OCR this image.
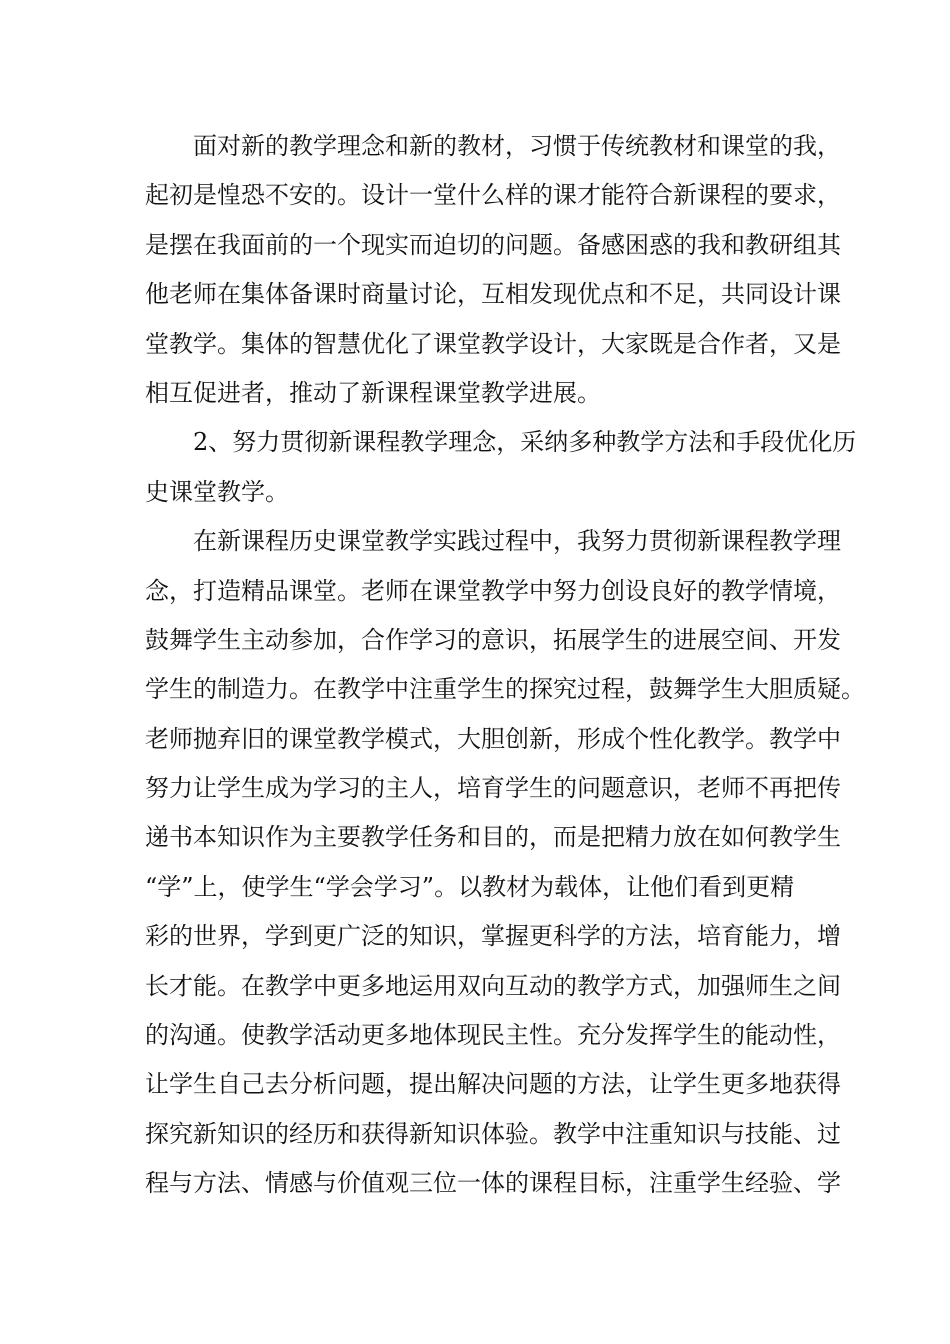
面对新的教学理念和新的教材，习惯于传统教材和课堂的我，
起初是惶恐不安的。设计一堂什么样的课才能符合新课程的要求，
是摆在我面前的一个现实而迫切的问题。备感困惑的我和教研组其
他老师在集体备课时商量讨论，互相发现优点和不足，共同设计课
堂教学。集体的智慧优化了课堂教学设计，大家既是合作者，又是
相互促进者，推动了新课程课堂教学进展。
2、努力贯彻新课程教学理念，采纳多种教学方法和手段优化历
史课堂教学。
在新课程历史课堂教学实践过程中，我努力贯彻新课程教学理
念，打造精品课堂。老师在课堂教学中努力创设良好的教学情境，
鼓舞学生主动参加，合作学习的意识，拓展学生的进展空间、开发
学生的制造力。在教学中注重学生的探究过程，鼓舞学生大胆质疑。
老师抛弃旧的课堂教学模式，大胆创新，形成个性化教学。教学中
努力让学生成为学习的主人，培育学生的问题意识，老师不再把传
递书本知识作为主要教学任务和目的，而是把精力放在如何教学生
“学”上，使学生“学会学习”。以教材为载体，让他们看到更精
彩的世界，学到更广泛的知识，掌握更科学的方法，培育能力，增
长才能。在教学中更多地运用双向互动的教学方式，加强师生之间
的沟通。使教学活动更多地体现民主性。充分发挥学生的能动性，
让学生自己去分析问题，提出解决问题的方法，让学生更多地获得
探究新知识的经历和获得新知识体验。教学中注重知识与技能、过
程与方法、情感与价值观三位一体的课程目标，注重学生经验、学
